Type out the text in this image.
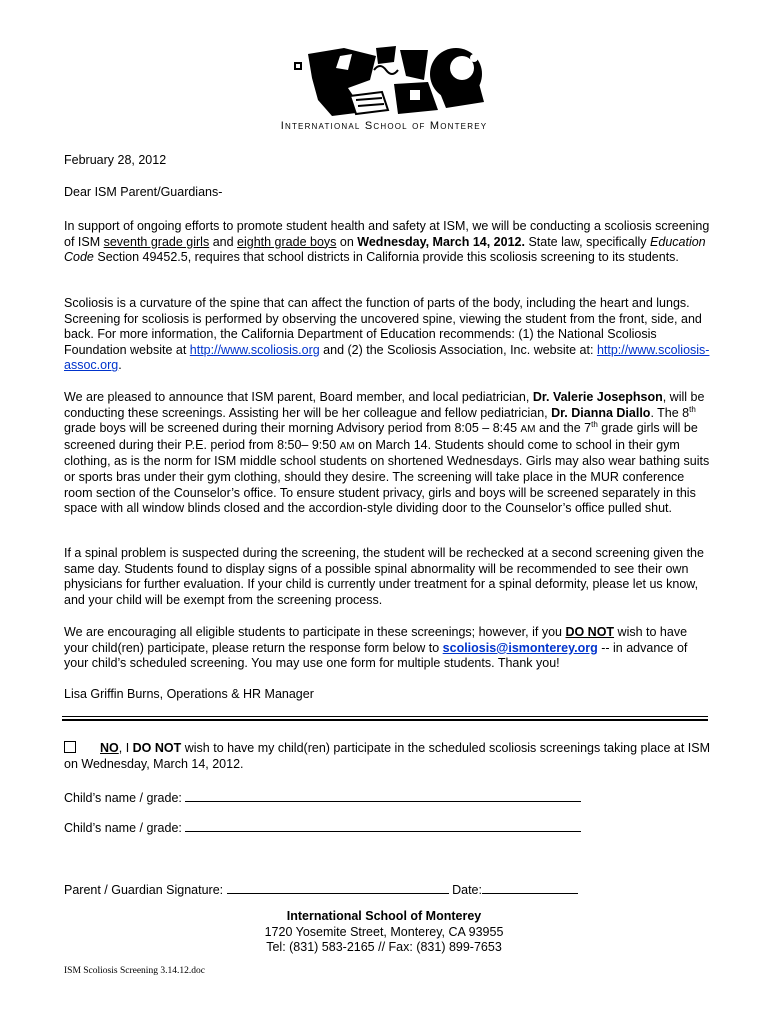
International School of Monterey

February 28, 2012

Dear ISM Parent/Guardians-

In support of ongoing efforts to promote student health and safety at ISM, we will be conducting a scoliosis screening of ISM seventh grade girls and eighth grade boys on Wednesday, March 14, 2012. State law, specifically Education Code Section 49452.5, requires that school districts in California provide this scoliosis screening to its students.

Scoliosis is a curvature of the spine that can affect the function of parts of the body, including the heart and lungs. Screening for scoliosis is performed by observing the uncovered spine, viewing the student from the front, side, and back. For more information, the California Department of Education recommends: (1) the National Scoliosis Foundation website at http://www.scoliosis.org and (2) the Scoliosis Association, Inc. website at: http://www.scoliosis-assoc.org.

We are pleased to announce that ISM parent, Board member, and local pediatrician, Dr. Valerie Josephson, will be conducting these screenings. Assisting her will be her colleague and fellow pediatrician, Dr. Dianna Diallo. The 8th grade boys will be screened during their morning Advisory period from 8:05 – 8:45 AM and the 7th grade girls will be screened during their P.E. period from 8:50– 9:50 AM on March 14. Students should come to school in their gym clothing, as is the norm for ISM middle school students on shortened Wednesdays. Girls may also wear bathing suits or sports bras under their gym clothing, should they desire. The screening will take place in the MUR conference room section of the Counselor’s office. To ensure student privacy, girls and boys will be screened separately in this space with all window blinds closed and the accordion-style dividing door to the Counselor’s office pulled shut.

If a spinal problem is suspected during the screening, the student will be rechecked at a second screening given the same day. Students found to display signs of a possible spinal abnormality will be recommended to see their own physicians for further evaluation. If your child is currently under treatment for a spinal deformity, please let us know, and your child will be exempt from the screening process.

We are encouraging all eligible students to participate in these screenings; however, if you DO NOT wish to have your child(ren) participate, please return the response form below to scoliosis@ismonterey.org -- in advance of your child’s scheduled screening. You may use one form for multiple students. Thank you!

Lisa Griffin Burns, Operations & HR Manager

NO, I DO NOT wish to have my child(ren) participate in the scheduled scoliosis screenings taking place at ISM on Wednesday, March 14, 2012.

Child’s name / grade:

Child’s name / grade:

Parent / Guardian Signature:	Date:

International School of Monterey
1720 Yosemite Street, Monterey, CA 93955
Tel: (831) 583-2165 // Fax: (831) 899-7653
ISM Scoliosis Screening 3.14.12.doc
